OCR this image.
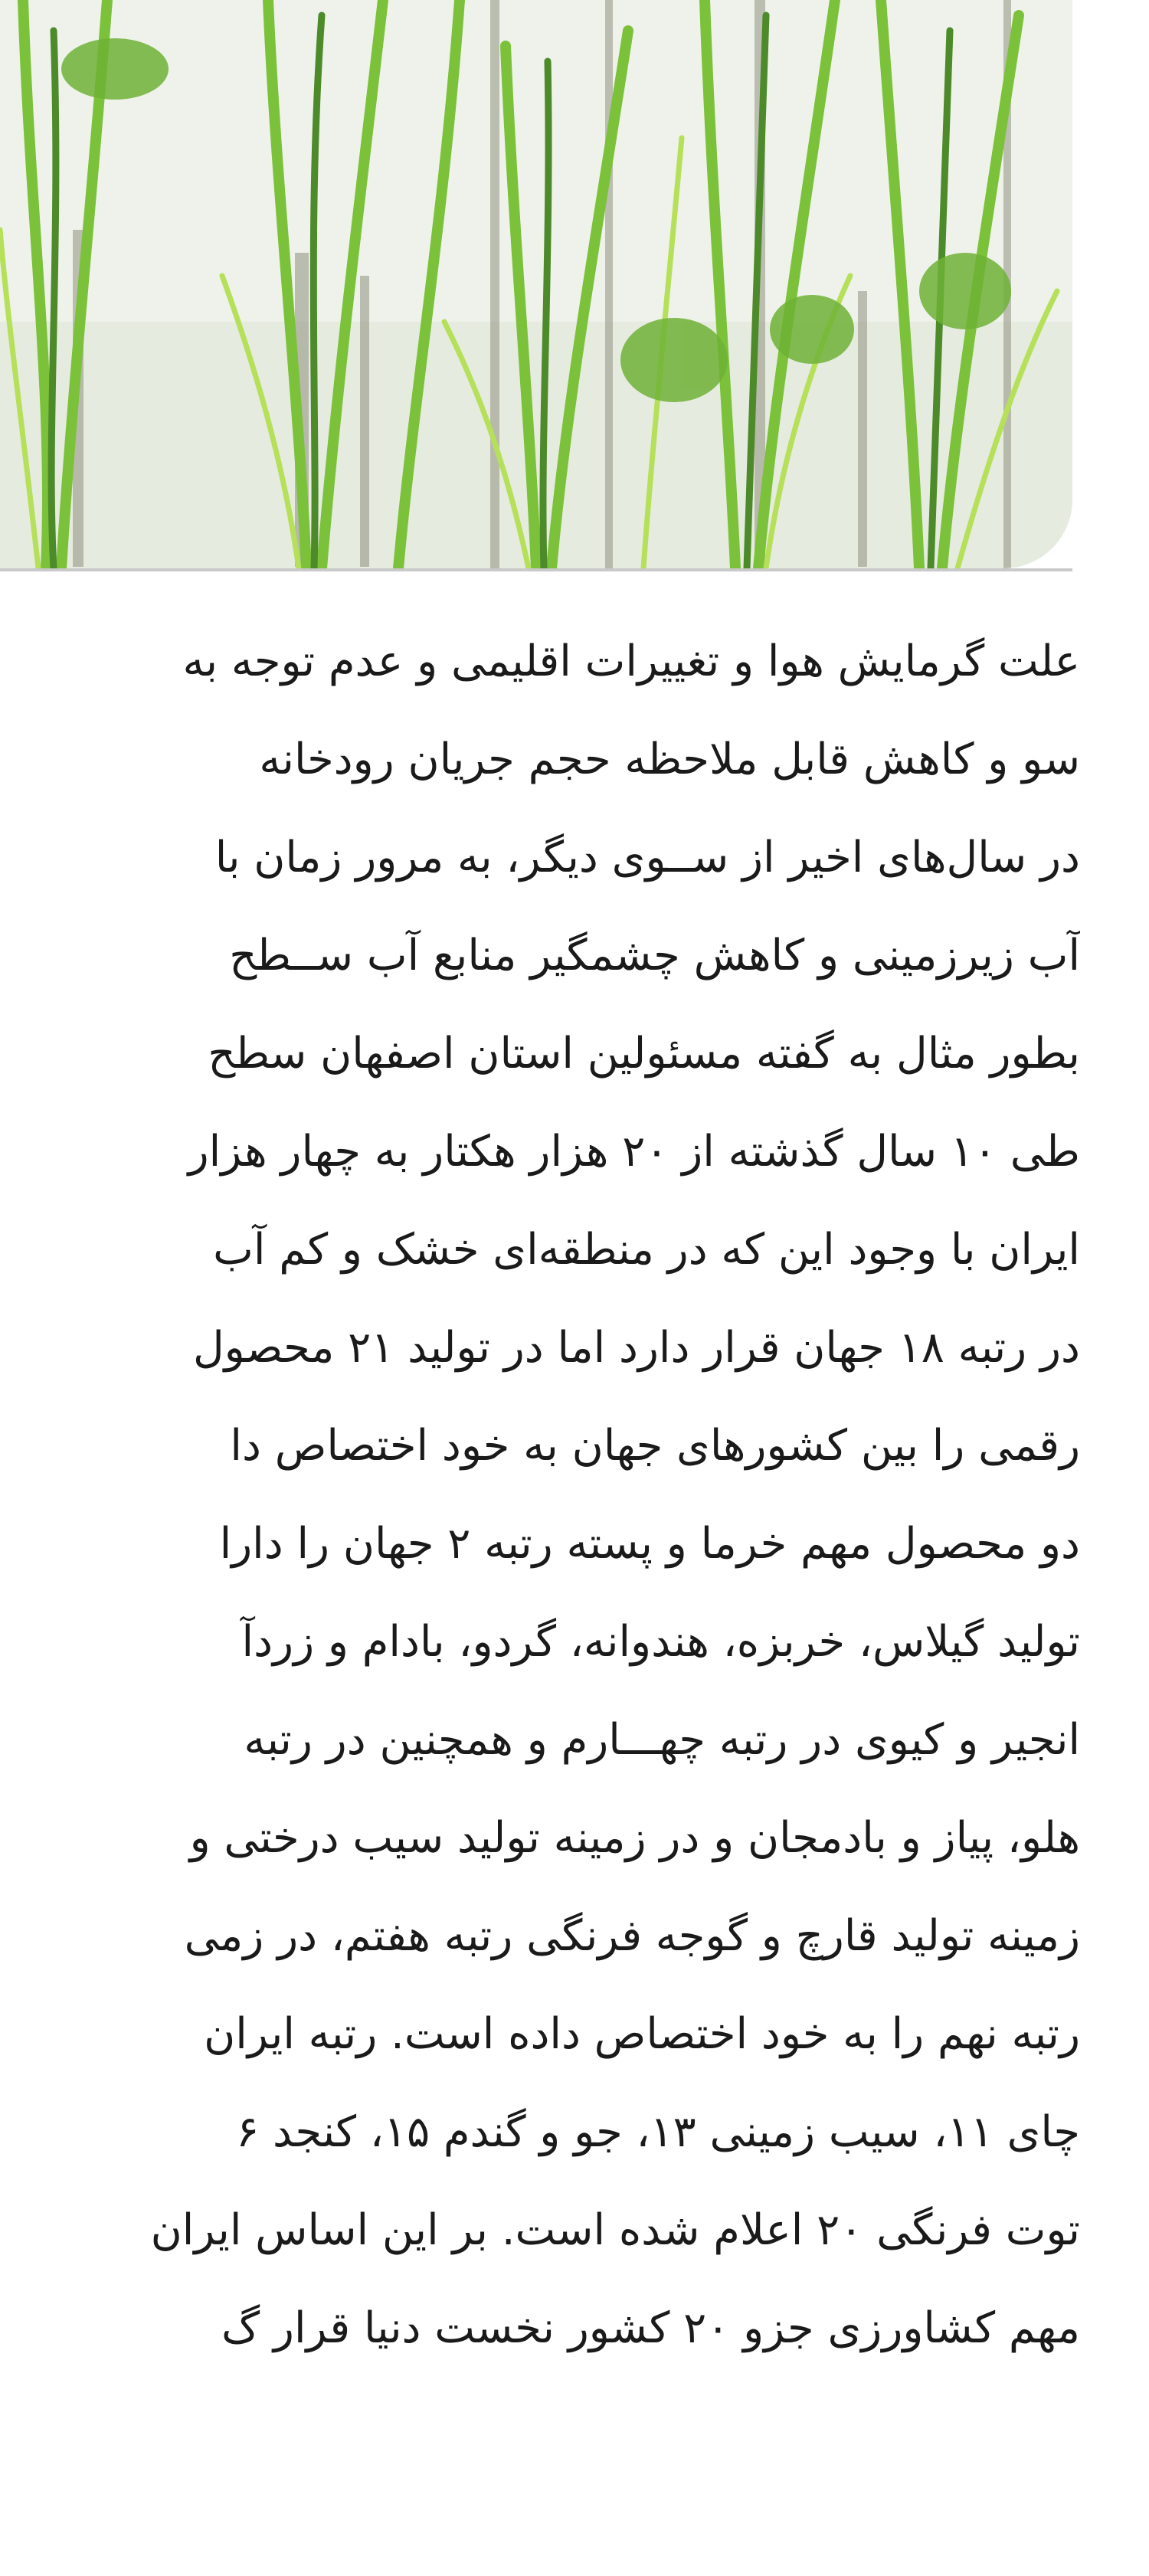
علت گرمایش هوا و تغییرات اقلیمی و عدم توجه به
سو و کاهش قابل ملاحظه حجم جریان رودخانه
در سال‌های اخیر از ســوی دیگر، به مرور زمان با
آب زیرزمینی و کاهش چشمگیر منابع آب ســطح
بطور مثال به گفته مسئولین استان اصفهان سطح
طی ۱۰ سال گذشته از ۲۰ هزار هکتار به چهار هزار
ایران با وجود این که در منطقه‌ای خشک و کم آب
در رتبه ۱۸ جهان قرار دارد اما در تولید ۲۱ محصول
رقمی را بین کشورهای جهان به خود اختصاص دا
دو محصول مهم خرما و پسته رتبه ۲ جهان را دارا
تولید گیلاس، خربزه، هندوانه، گردو، بادام و زردآ
انجیر و کیوی در رتبه چهـــارم و همچنین در رتبه
هلو، پیاز و بادمجان و در زمینه تولید سیب درختی و
زمینه تولید قارچ و گوجه فرنگی رتبه هفتم، در زمی
رتبه نهم را به خود اختصاص داده است. رتبه ایران
چای ۱۱، سیب زمینی ۱۳، جو و گندم ۱۵، کنجد ۶
توت فرنگی ۲۰ اعلام شده است. بر این اساس ایران
مهم کشاورزی جزو ۲۰ کشور نخست دنیا قرار گ
